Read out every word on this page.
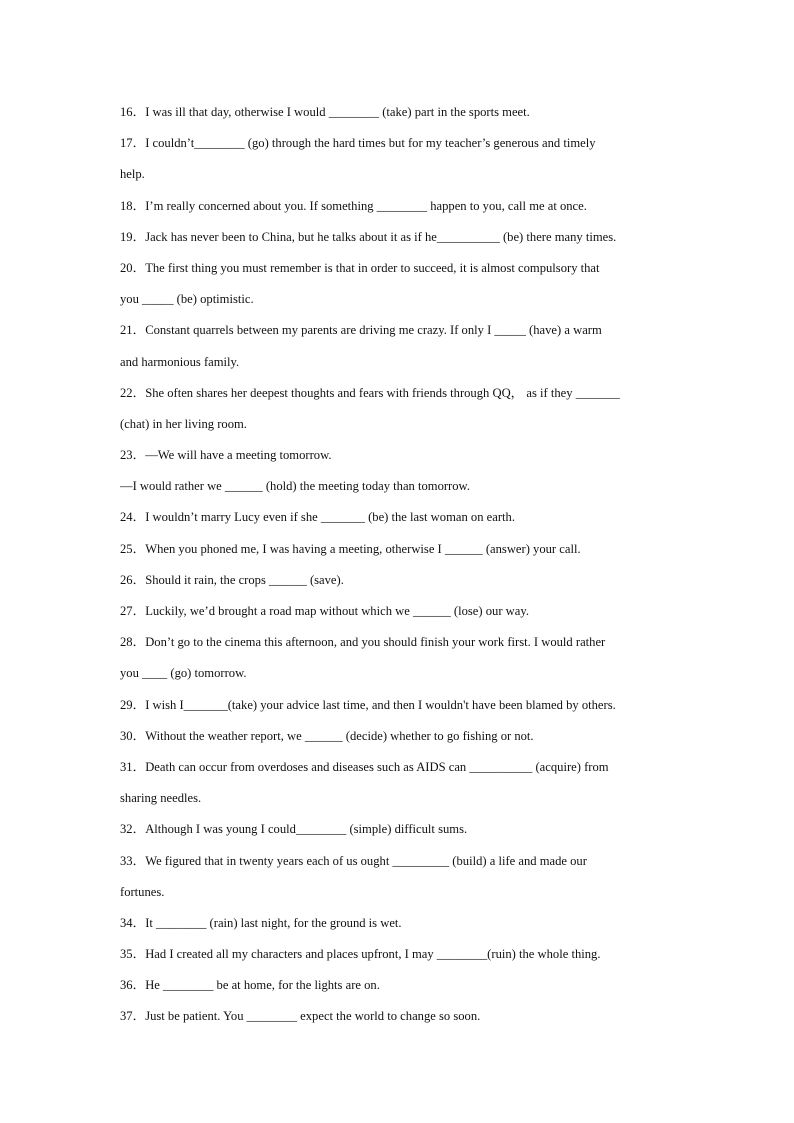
16．I was ill that day, otherwise I would ________ (take) part in the sports meet.
17．I couldn’t________ (go) through the hard times but for my teacher’s generous and timely
help.
18．I’m really concerned about you. If something ________ happen to you, call me at once.
19．Jack has never been to China, but he talks about it as if he__________ (be) there many times.
20．The first thing you must remember is that in order to succeed, it is almost compulsory that
you _____ (be) optimistic.
21．Constant quarrels between my parents are driving me crazy. If only I _____ (have) a warm
and harmonious family.
22．She often shares her deepest thoughts and fears with friends through QQ， as if they _______
(chat) in her living room.
23．—We will have a meeting tomorrow.
—I would rather we ______ (hold) the meeting today than tomorrow.
24．I wouldn’t marry Lucy even if she _______ (be) the last woman on earth.
25．When you phoned me, I was having a meeting, otherwise I ______ (answer) your call.
26．Should it rain, the crops ______ (save).
27．Luckily, we’d brought a road map without which we ______ (lose) our way.
28．Don’t go to the cinema this afternoon, and you should finish your work first. I would rather
you ____ (go) tomorrow.
29．I wish I_______(take) your advice last time, and then I wouldn't have been blamed by others.
30．Without the weather report, we ______ (decide) whether to go fishing or not.
31．Death can occur from overdoses and diseases such as AIDS can __________ (acquire) from
sharing needles.
32．Although I was young I could________ (simple) difficult sums.
33．We figured that in twenty years each of us ought _________ (build) a life and made our
fortunes.
34．It ________ (rain) last night, for the ground is wet.
35．Had I created all my characters and places upfront, I may ________(ruin) the whole thing.
36．He ________ be at home, for the lights are on.
37．Just be patient. You ________ expect the world to change so soon.
